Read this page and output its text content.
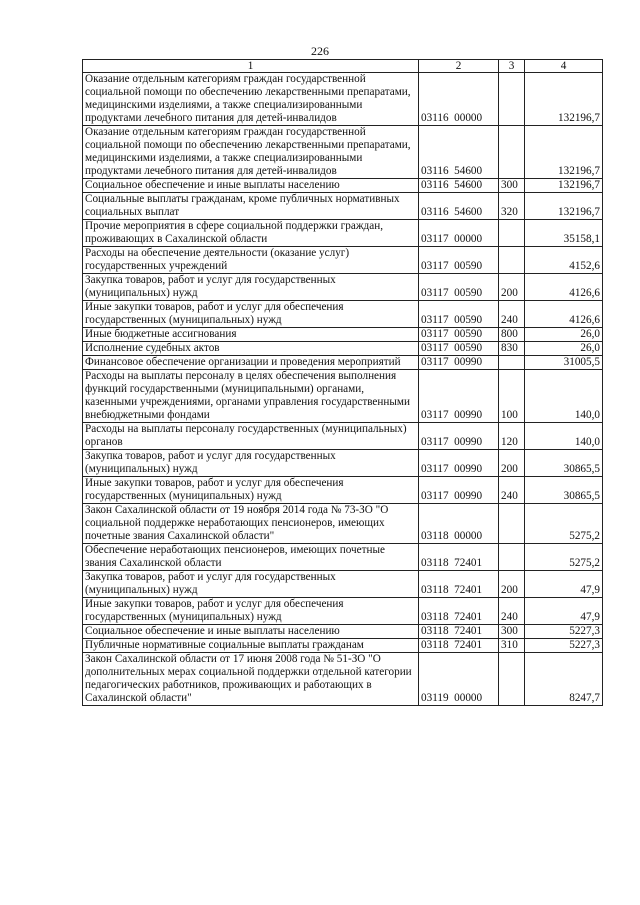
226
1	2	3	4
Оказание отдельным категориям граждан государственной социальной помощи по обеспечению лекарственными препаратами, медицинскими изделиями, а также специализированными продуктами лечебного питания для детей-инвалидов	03116  00000		132196,7
Оказание отдельным категориям граждан государственной социальной помощи по обеспечению лекарственными препаратами, медицинскими изделиями, а также специализированными продуктами лечебного питания для детей-инвалидов	03116  54600		132196,7
Социальное обеспечение и иные выплаты населению	03116  54600	300	132196,7
Социальные выплаты гражданам, кроме публичных нормативных социальных выплат	03116  54600	320	132196,7
Прочие мероприятия в сфере социальной поддержки граждан, проживающих в Сахалинской области	03117  00000		35158,1
Расходы на обеспечение деятельности (оказание услуг) государственных учреждений	03117  00590		4152,6
Закупка товаров, работ и услуг для государственных (муниципальных) нужд	03117  00590	200	4126,6
Иные закупки товаров, работ и услуг для обеспечения государственных (муниципальных) нужд	03117  00590	240	4126,6
Иные бюджетные ассигнования	03117  00590	800	26,0
Исполнение судебных актов	03117  00590	830	26,0
Финансовое обеспечение организации и проведения мероприятий	03117  00990		31005,5
Расходы на выплаты персоналу в целях обеспечения выполнения функций государственными (муниципальными) органами, казенными учреждениями, органами управления государственными внебюджетными фондами	03117  00990	100	140,0
Расходы на выплаты персоналу государственных (муниципальных) органов	03117  00990	120	140,0
Закупка товаров, работ и услуг для государственных (муниципальных) нужд	03117  00990	200	30865,5
Иные закупки товаров, работ и услуг для обеспечения государственных (муниципальных) нужд	03117  00990	240	30865,5
Закон Сахалинской области от 19 ноября 2014 года № 73-ЗО "О социальной поддержке неработающих пенсионеров, имеющих почетные звания Сахалинской области"	03118  00000		5275,2
Обеспечение неработающих пенсионеров, имеющих почетные звания Сахалинской области	03118  72401		5275,2
Закупка товаров, работ и услуг для государственных (муниципальных) нужд	03118  72401	200	47,9
Иные закупки товаров, работ и услуг для обеспечения государственных (муниципальных) нужд	03118  72401	240	47,9
Социальное обеспечение и иные выплаты населению	03118  72401	300	5227,3
Публичные нормативные социальные выплаты гражданам	03118  72401	310	5227,3
Закон Сахалинской области от 17 июня 2008 года № 51-ЗО "О дополнительных мерах социальной поддержки отдельной категории педагогических работников, проживающих и работающих в Сахалинской области"	03119  00000		8247,7
